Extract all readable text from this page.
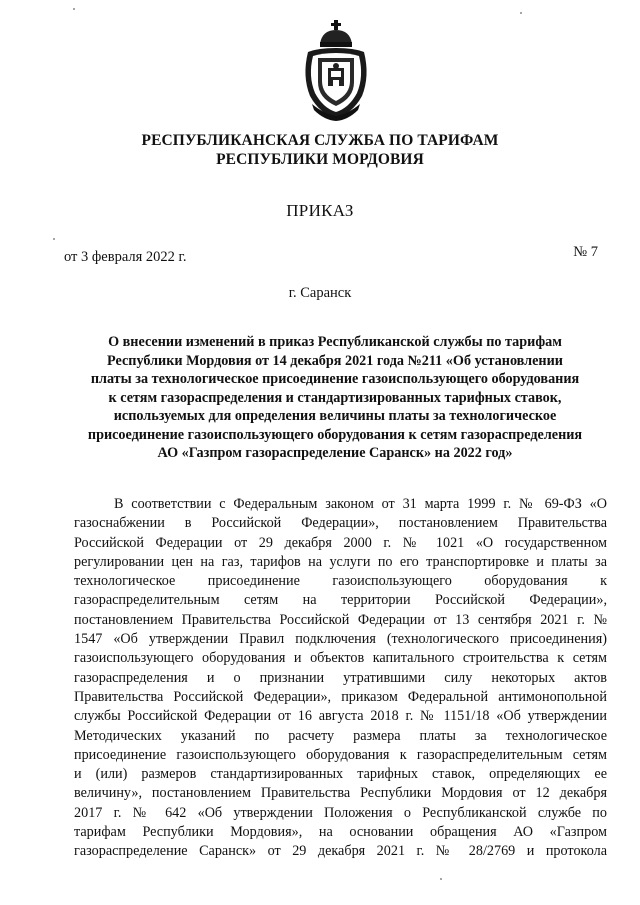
РЕСПУБЛИКАНСКАЯ СЛУЖБА ПО ТАРИФАМ
РЕСПУБЛИКИ МОРДОВИЯ
ПРИКАЗ
от 3 февраля 2022 г.	№ 7
г. Саранск
О внесении изменений в приказ Республиканской службы по тарифам
Республики Мордовия от 14 декабря 2021 года №211 «Об установлении
платы за технологическое присоединение газоиспользующего оборудования
к сетям газораспределения и стандартизированных тарифных ставок,
используемых для определения величины платы за технологическое
присоединение газоиспользующего оборудования к сетям газораспределения
АО «Газпром газораспределение Саранск» на 2022 год»
В соответствии с Федеральным законом от 31 марта 1999 г. № 69-ФЗ «О
газоснабжении в Российской Федерации», постановлением Правительства
Российской Федерации от 29 декабря 2000 г. № 1021 «О государственном
регулировании цен на газ, тарифов на услуги по его транспортировке и платы за
технологическое присоединение газоиспользующего оборудования к
газораспределительным сетям на территории Российской Федерации»,
постановлением Правительства Российской Федерации от 13 сентября 2021 г. №
1547 «Об утверждении Правил подключения (технологического присоединения)
газоиспользующего оборудования и объектов капитального строительства к сетям
газораспределения и о признании утратившими силу некоторых актов
Правительства Российской Федерации», приказом Федеральной антимонопольной
службы Российской Федерации от 16 августа 2018 г. № 1151/18 «Об утверждении
Методических указаний по расчету размера платы за технологическое
присоединение газоиспользующего оборудования к газораспределительным сетям
и (или) размеров стандартизированных тарифных ставок, определяющих ее
величину», постановлением Правительства Республики Мордовия от 12 декабря
2017 г. № 642 «Об утверждении Положения о Республиканской службе по
тарифам Республики Мордовия», на основании обращения АО «Газпром
газораспределение Саранск» от 29 декабря 2021 г. № 28/2769 и протокола
